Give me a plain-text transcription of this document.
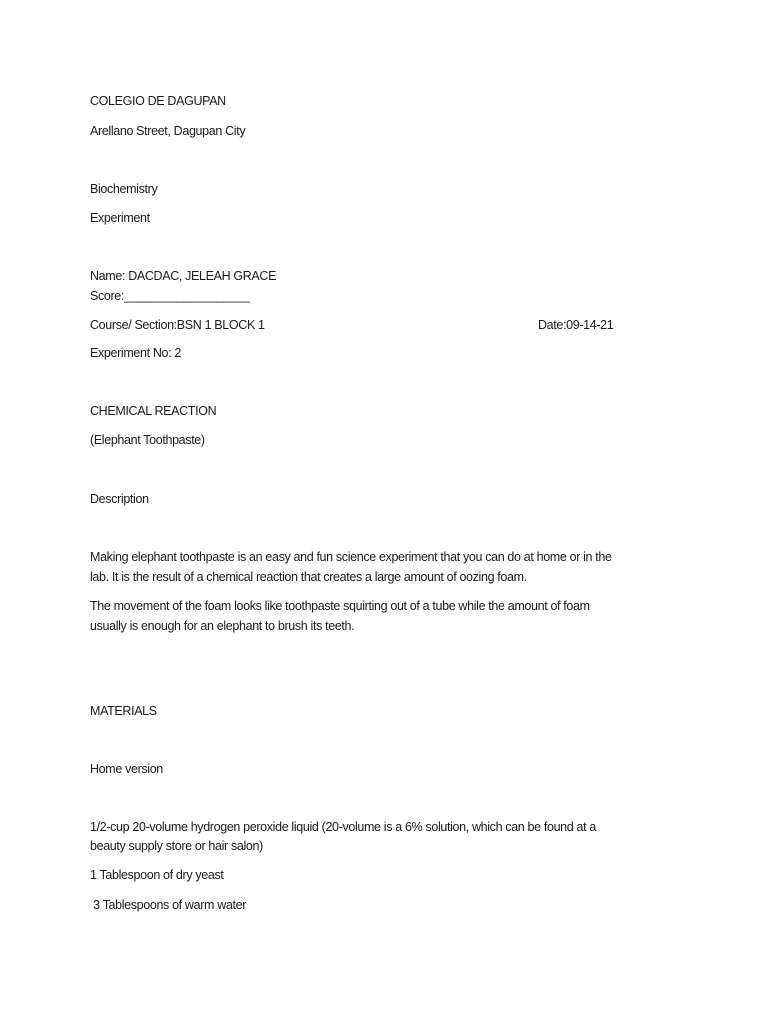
COLEGIO DE DAGUPAN
Arellano Street, Dagupan City
Biochemistry
Experiment
Name: DACDAC, JELEAH GRACE
Score:___________________
Course/ Section:BSN 1 BLOCK 1	Date:09-14-21
Experiment No: 2
CHEMICAL REACTION
(Elephant Toothpaste)
Description
Making elephant toothpaste is an easy and fun science experiment that you can do at home or in the
lab. It is the result of a chemical reaction that creates a large amount of oozing foam.
The movement of the foam looks like toothpaste squirting out of a tube while the amount of foam
usually is enough for an elephant to brush its teeth.
MATERIALS
Home version
1/2-cup 20-volume hydrogen peroxide liquid (20-volume is a 6% solution, which can be found at a
beauty supply store or hair salon)
1 Tablespoon of dry yeast
3 Tablespoons of warm water
